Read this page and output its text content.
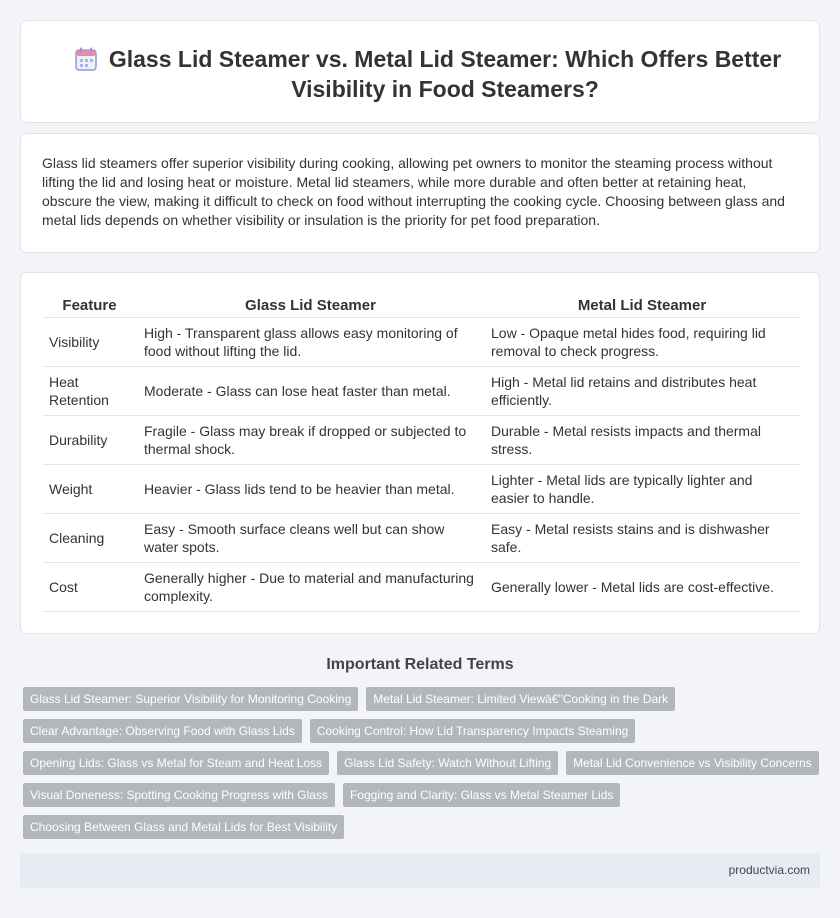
Glass Lid Steamer vs. Metal Lid Steamer: Which Offers Better Visibility in Food Steamers?

Glass lid steamers offer superior visibility during cooking, allowing pet owners to monitor the steaming process without lifting the lid and losing heat or moisture. Metal lid steamers, while more durable and often better at retaining heat, obscure the view, making it difficult to check on food without interrupting the cooking cycle. Choosing between glass and metal lids depends on whether visibility or insulation is the priority for pet food preparation.

Feature	Glass Lid Steamer	Metal Lid Steamer
Visibility	High - Transparent glass allows easy monitoring of food without lifting the lid.	Low - Opaque metal hides food, requiring lid removal to check progress.
Heat Retention	Moderate - Glass can lose heat faster than metal.	High - Metal lid retains and distributes heat efficiently.
Durability	Fragile - Glass may break if dropped or subjected to thermal shock.	Durable - Metal resists impacts and thermal stress.
Weight	Heavier - Glass lids tend to be heavier than metal.	Lighter - Metal lids are typically lighter and easier to handle.
Cleaning	Easy - Smooth surface cleans well but can show water spots.	Easy - Metal resists stains and is dishwasher safe.
Cost	Generally higher - Due to material and manufacturing complexity.	Generally lower - Metal lids are cost-effective.
Important Related Terms
Glass Lid Steamer: Superior Visibility for Monitoring Cooking	Metal Lid Steamer: Limited Viewâ€"Cooking in the Dark
Clear Advantage: Observing Food with Glass Lids	Cooking Control: How Lid Transparency Impacts Steaming
Opening Lids: Glass vs Metal for Steam and Heat Loss	Glass Lid Safety: Watch Without Lifting	Metal Lid Convenience vs Visibility Concerns
Visual Doneness: Spotting Cooking Progress with Glass	Fogging and Clarity: Glass vs Metal Steamer Lids
Choosing Between Glass and Metal Lids for Best Visibility
productvia.com
